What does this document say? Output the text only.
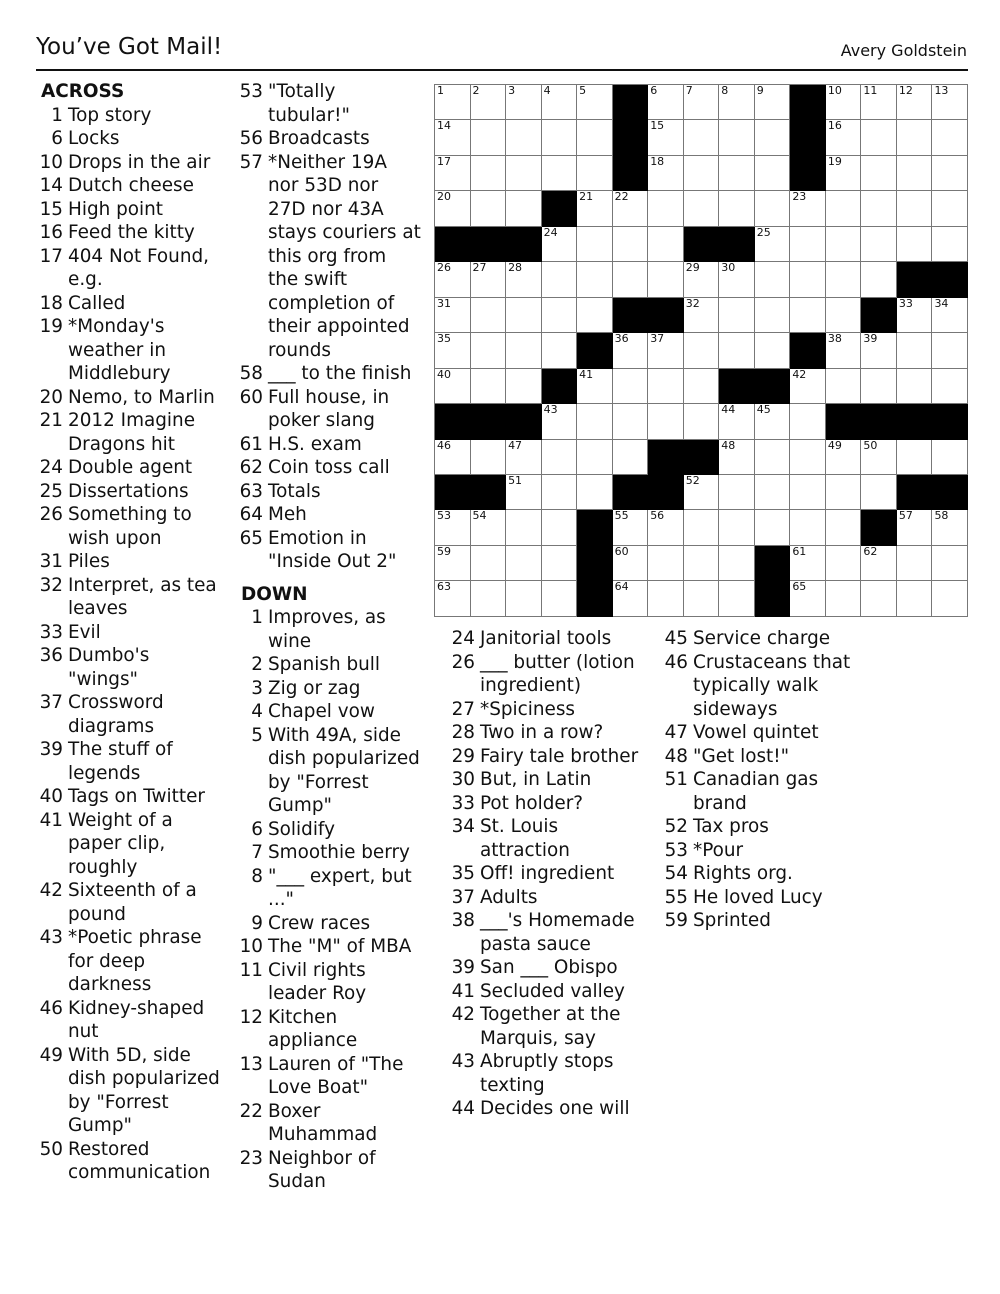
You’ve Got Mail!	Avery Goldstein
ACROSS
1 Top story
6 Locks
10 Drops in the air
14 Dutch cheese
15 High point
16 Feed the kitty
17 404 Not Found, e.g.
18 Called
19 *Monday's weather in Middlebury
20 Nemo, to Marlin
21 2012 Imagine Dragons hit
24 Double agent
25 Dissertations
26 Something to wish upon
31 Piles
32 Interpret, as tea leaves
33 Evil
36 Dumbo's "wings"
37 Crossword diagrams
39 The stuff of legends
40 Tags on Twitter
41 Weight of a paper clip, roughly
42 Sixteenth of a pound
43 *Poetic phrase for deep darkness
46 Kidney-shaped nut
49 With 5D, side dish popularized by "Forrest Gump"
50 Restored communication
53 "Totally tubular!"
56 Broadcasts
57 *Neither 19A nor 53D nor 27D nor 43A stays couriers at this org from the swift completion of their appointed rounds
58 ___ to the finish
60 Full house, in poker slang
61 H.S. exam
62 Coin toss call
63 Totals
64 Meh
65 Emotion in "Inside Out 2"
DOWN
1 Improves, as wine
2 Spanish bull
3 Zig or zag
4 Chapel vow
5 With 49A, side dish popularized by "Forrest Gump"
6 Solidify
7 Smoothie berry
8 "___ expert, but ..."
9 Crew races
10 The "M" of MBA
11 Civil rights leader Roy
12 Kitchen appliance
13 Lauren of "The Love Boat"
22 Boxer Muhammad
23 Neighbor of Sudan
24 Janitorial tools
26 ___ butter (lotion ingredient)
27 *Spiciness
28 Two in a row?
29 Fairy tale brother
30 But, in Latin
33 Pot holder?
34 St. Louis attraction
35 Off! ingredient
37 Adults
38 ___'s Homemade pasta sauce
39 San ___ Obispo
41 Secluded valley
42 Together at the Marquis, say
43 Abruptly stops texting
44 Decides one will
45 Service charge
46 Crustaceans that typically walk sideways
47 Vowel quintet
48 "Get lost!"
51 Canadian gas brand
52 Tax pros
53 *Pour
54 Rights org.
55 He loved Lucy
59 Sprinted
1	2	3	4	5	6	7	8	9	10 11 12 13
14	15	16
17	18	19
20	21 22	23
24	25
26 27 28	29 30
31	32	33 34
35	36 37	38 39
40	41	42
43	44 45
46	47	48	49 50
51	52
53 54	55 56	57 58
59	60	61	62
63	64	65
